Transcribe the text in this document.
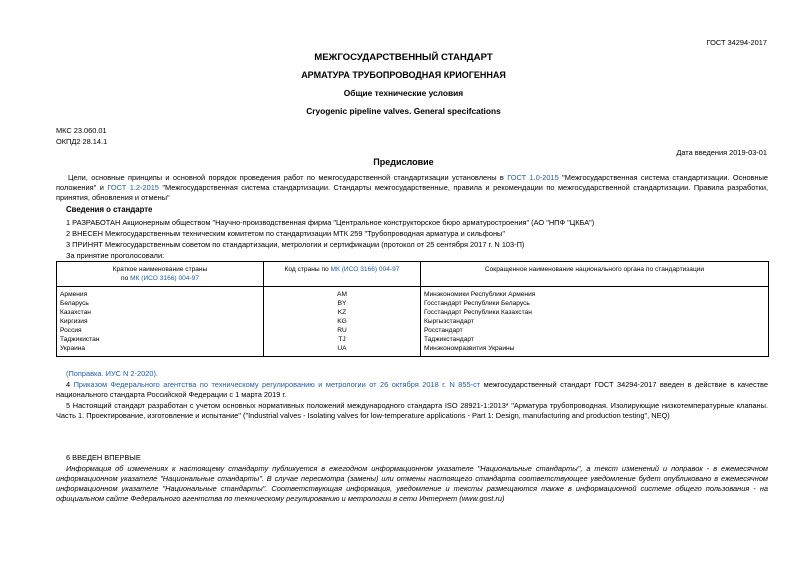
ГОСТ 34294-2017
МЕЖГОСУДАРСТВЕННЫЙ СТАНДАРТ
АРМАТУРА ТРУБОПРОВОДНАЯ КРИОГЕННАЯ
Общие технические условия
Cryogenic pipeline valves. General specifcations
МКС 23.060.01
ОКПД2 28.14.1
Дата введения 2019-03-01
Предисловие
Цели, основные принципы и основной порядок проведения работ по межгосударственной стандартизации установлены в ГОСТ 1.0-2015 "Межгосударственная система стандартизации. Основные положения" и ГОСТ 1.2-2015 "Межгосударственная система стандартизации. Стандарты межгосударственные, правила и рекомендации по межгосударственной стандартизации. Правила разработки, принятия, обновления и отмены"
Сведения о стандарте
1 РАЗРАБОТАН Акционерным обществом "Научно-производственная фирма "Центральное конструкторское бюро арматуростроения" (АО "НПФ "ЦКБА")
2 ВНЕСЕН Межгосударственным техническим комитетом по стандартизации МТК 259 "Трубопроводная арматура и сильфоны"
3 ПРИНЯТ Межгосударственным советом по стандартизации, метрологии и сертификации (протокол от 25 сентября 2017 г. N 103-П)
За принятие проголосовали:
Краткое наименование страны
по МК (ИСО 3166) 004-97	Код страны по МК (ИСО 3166) 004-97	Сокращенное наименование национального органа по стандартизации
Армения	AM	Минэкономики Республики Армения
Беларусь	BY	Госстандарт Республики Беларусь
Казахстан	KZ	Госстандарт Республики Казахстан
Киргизия	KG	Кыргызстандарт
Россия	RU	Росстандарт
Таджикистан	TJ	Таджикстандарт
Украина	UA	Минэкономразвития Украины
(Поправка. ИУС N 2-2020).
4 Приказом Федерального агентства по техническому регулированию и метрологии от 26 октября 2018 г. N 855-ст межгосударственный стандарт ГОСТ 34294-2017 введен в действие в качестве национального стандарта Российской Федерации с 1 марта 2019 г.
5 Настоящий стандарт разработан с учетом основных нормативных положений международного стандарта ISO 28921-1:2013* "Арматура трубопроводная. Изолирующие низкотемпературные клапаны. Часть 1. Проектирование, изготовление и испытание" ("Industrial valves - Isolating valves for low-temperature applications - Part 1: Design, manufacturing and production testing", NEQ)
6 ВВЕДЕН ВПЕРВЫЕ
Информация об изменениях к настоящему стандарту публикуется в ежегодном информационном указателе "Национальные стандарты", а текст изменений и поправок - в ежемесячном информационном указателе "Национальные стандарты". В случае пересмотра (замены) или отмены настоящего стандарта соответствующее уведомление будет опубликовано в ежемесячном информационном указателе "Национальные стандарты". Соответствующая информация, уведомление и тексты размещаются также в информационной системе общего пользования - на официальном сайте Федерального агентства по техническому регулированию и метрологии в сети Интернет (www.gost.ru)
